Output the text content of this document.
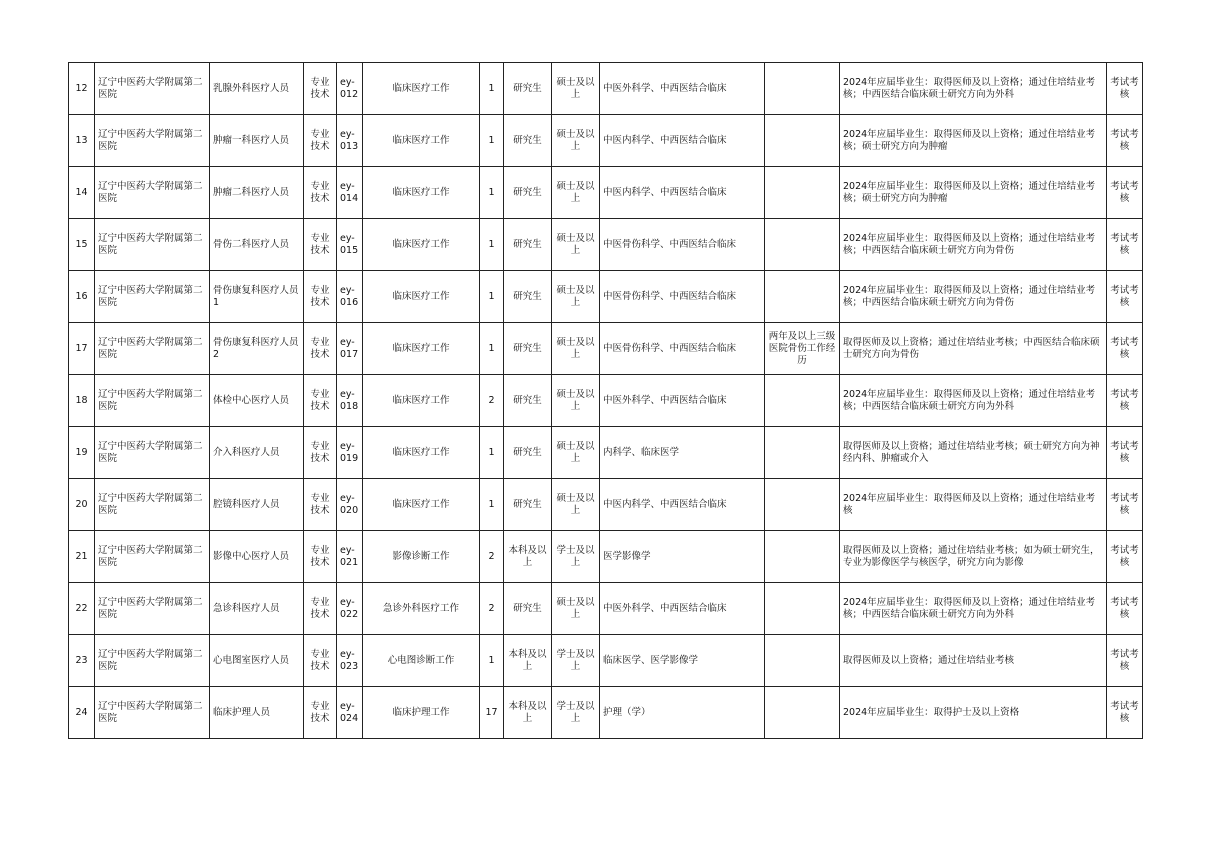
12	辽宁中医药大学附属第二医院	乳腺外科医疗人员	专业技术	ey-012	临床医疗工作	1	研究生	硕士及以上	中医外科学、中西医结合临床		2024年应届毕业生：取得医师及以上资格；通过住培结业考核；中西医结合临床硕士研究方向为外科	考试考核
13	辽宁中医药大学附属第二医院	肿瘤一科医疗人员	专业技术	ey-013	临床医疗工作	1	研究生	硕士及以上	中医内科学、中西医结合临床		2024年应届毕业生：取得医师及以上资格；通过住培结业考核；硕士研究方向为肿瘤	考试考核
14	辽宁中医药大学附属第二医院	肿瘤二科医疗人员	专业技术	ey-014	临床医疗工作	1	研究生	硕士及以上	中医内科学、中西医结合临床		2024年应届毕业生：取得医师及以上资格；通过住培结业考核；硕士研究方向为肿瘤	考试考核
15	辽宁中医药大学附属第二医院	骨伤二科医疗人员	专业技术	ey-015	临床医疗工作	1	研究生	硕士及以上	中医骨伤科学、中西医结合临床		2024年应届毕业生：取得医师及以上资格；通过住培结业考核；中西医结合临床硕士研究方向为骨伤	考试考核
16	辽宁中医药大学附属第二医院	骨伤康复科医疗人员1	专业技术	ey-016	临床医疗工作	1	研究生	硕士及以上	中医骨伤科学、中西医结合临床		2024年应届毕业生：取得医师及以上资格；通过住培结业考核；中西医结合临床硕士研究方向为骨伤	考试考核
17	辽宁中医药大学附属第二医院	骨伤康复科医疗人员2	专业技术	ey-017	临床医疗工作	1	研究生	硕士及以上	中医骨伤科学、中西医结合临床	两年及以上三级医院骨伤工作经历	取得医师及以上资格；通过住培结业考核；中西医结合临床硕士研究方向为骨伤	考试考核
18	辽宁中医药大学附属第二医院	体检中心医疗人员	专业技术	ey-018	临床医疗工作	2	研究生	硕士及以上	中医外科学、中西医结合临床		2024年应届毕业生：取得医师及以上资格；通过住培结业考核；中西医结合临床硕士研究方向为外科	考试考核
19	辽宁中医药大学附属第二医院	介入科医疗人员	专业技术	ey-019	临床医疗工作	1	研究生	硕士及以上	内科学、临床医学		取得医师及以上资格；通过住培结业考核；硕士研究方向为神经内科、肿瘤或介入	考试考核
20	辽宁中医药大学附属第二医院	腔镜科医疗人员	专业技术	ey-020	临床医疗工作	1	研究生	硕士及以上	中医内科学、中西医结合临床		2024年应届毕业生：取得医师及以上资格；通过住培结业考核	考试考核
21	辽宁中医药大学附属第二医院	影像中心医疗人员	专业技术	ey-021	影像诊断工作	2	本科及以上	学士及以上	医学影像学		取得医师及以上资格；通过住培结业考核；如为硕士研究生，专业为影像医学与核医学，研究方向为影像	考试考核
22	辽宁中医药大学附属第二医院	急诊科医疗人员	专业技术	ey-022	急诊外科医疗工作	2	研究生	硕士及以上	中医外科学、中西医结合临床		2024年应届毕业生：取得医师及以上资格；通过住培结业考核；中西医结合临床硕士研究方向为外科	考试考核
23	辽宁中医药大学附属第二医院	心电图室医疗人员	专业技术	ey-023	心电图诊断工作	1	本科及以上	学士及以上	临床医学、医学影像学		取得医师及以上资格；通过住培结业考核	考试考核
24	辽宁中医药大学附属第二医院	临床护理人员	专业技术	ey-024	临床护理工作	17	本科及以上	学士及以上	护理（学）		2024年应届毕业生：取得护士及以上资格	考试考核
